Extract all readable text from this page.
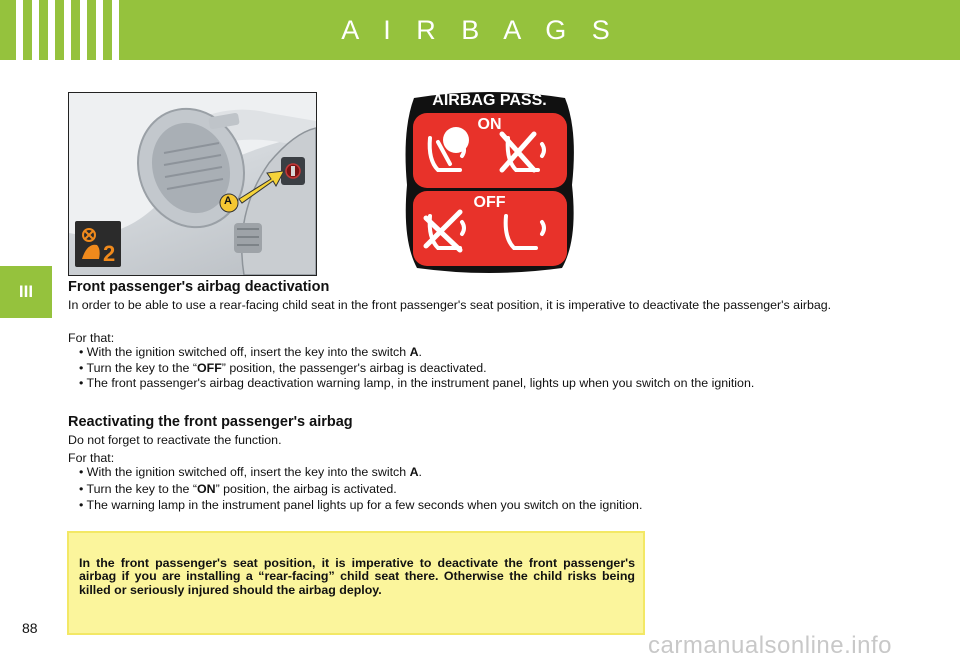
A I R B A G S
III
A
2
AIRBAG PASS.
ON
OFF
Front passenger's airbag deactivation
In order to be able to use a rear-facing child seat in the front passenger's seat position, it is imperative to deactivate the passenger's airbag.
For that:
• With the ignition switched off, insert the key into the switch A.
• Turn the key to the “OFF” position, the passenger's airbag is deactivated.
• The front passenger's airbag deactivation warning lamp, in the instrument panel, lights up when you switch on the ignition.
Reactivating the front passenger's airbag
Do not forget to reactivate the function.
For that:
• With the ignition switched off, insert the key into the switch A.
• Turn the key to the “ON” position, the airbag is activated.
• The warning lamp in the instrument panel lights up for a few seconds when you switch on the ignition.
In the front passenger's seat position, it is imperative to deactivate the front passenger's airbag if you are installing a “rear-facing” child seat there. Otherwise the child risks being killed or seriously injured should the airbag deploy.
88
carmanualsonline.info
